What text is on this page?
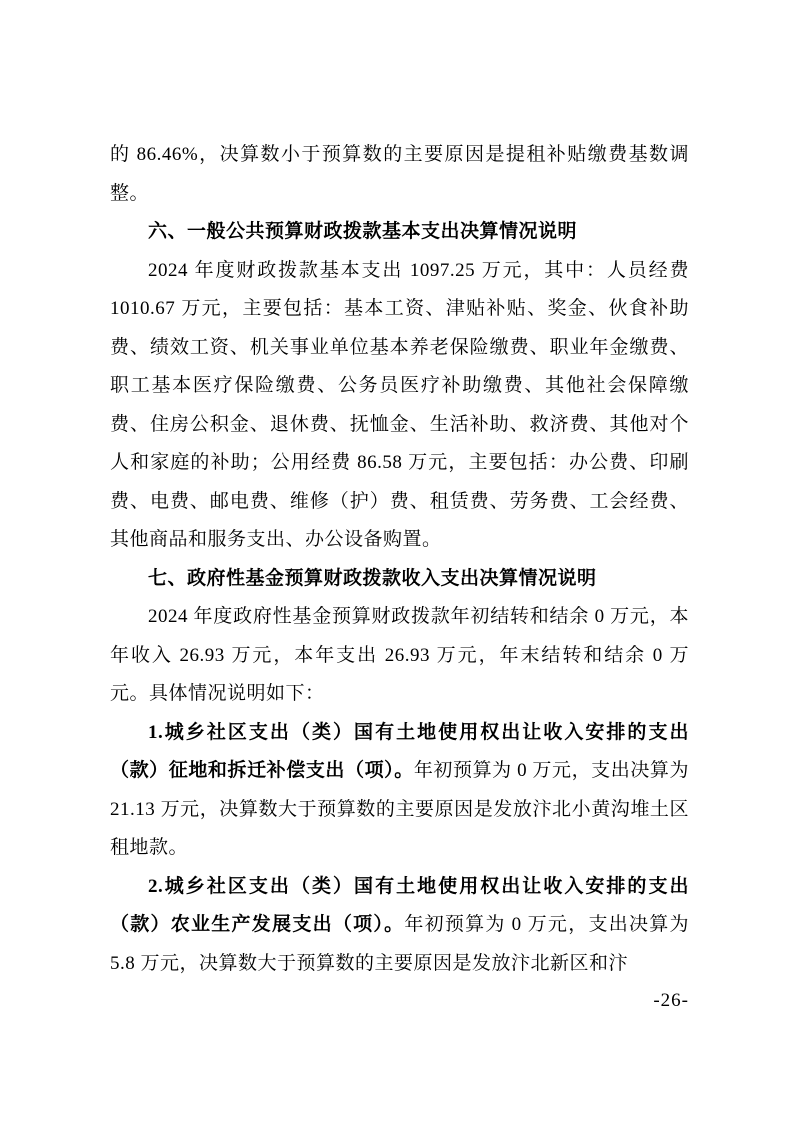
的 86.46%，决算数小于预算数的主要原因是提租补贴缴费基数调整。

六、一般公共预算财政拨款基本支出决算情况说明

2024 年度财政拨款基本支出 1097.25 万元，其中：人员经费 1010.67 万元，主要包括：基本工资、津贴补贴、奖金、伙食补助费、绩效工资、机关事业单位基本养老保险缴费、职业年金缴费、职工基本医疗保险缴费、公务员医疗补助缴费、其他社会保障缴费、住房公积金、退休费、抚恤金、生活补助、救济费、其他对个人和家庭的补助；公用经费 86.58 万元，主要包括：办公费、印刷费、电费、邮电费、维修（护）费、租赁费、劳务费、工会经费、其他商品和服务支出、办公设备购置。

七、政府性基金预算财政拨款收入支出决算情况说明

2024 年度政府性基金预算财政拨款年初结转和结余 0 万元，本年收入 26.93 万元，本年支出 26.93 万元，年末结转和结余 0 万元。具体情况说明如下：

1.城乡社区支出（类）国有土地使用权出让收入安排的支出（款）征地和拆迁补偿支出（项）。年初预算为 0 万元，支出决算为 21.13 万元，决算数大于预算数的主要原因是发放汴北小黄沟堆土区租地款。

2.城乡社区支出（类）国有土地使用权出让收入安排的支出（款）农业生产发展支出（项）。年初预算为 0 万元，支出决算为 5.8 万元，决算数大于预算数的主要原因是发放汴北新区和汴

-26-
